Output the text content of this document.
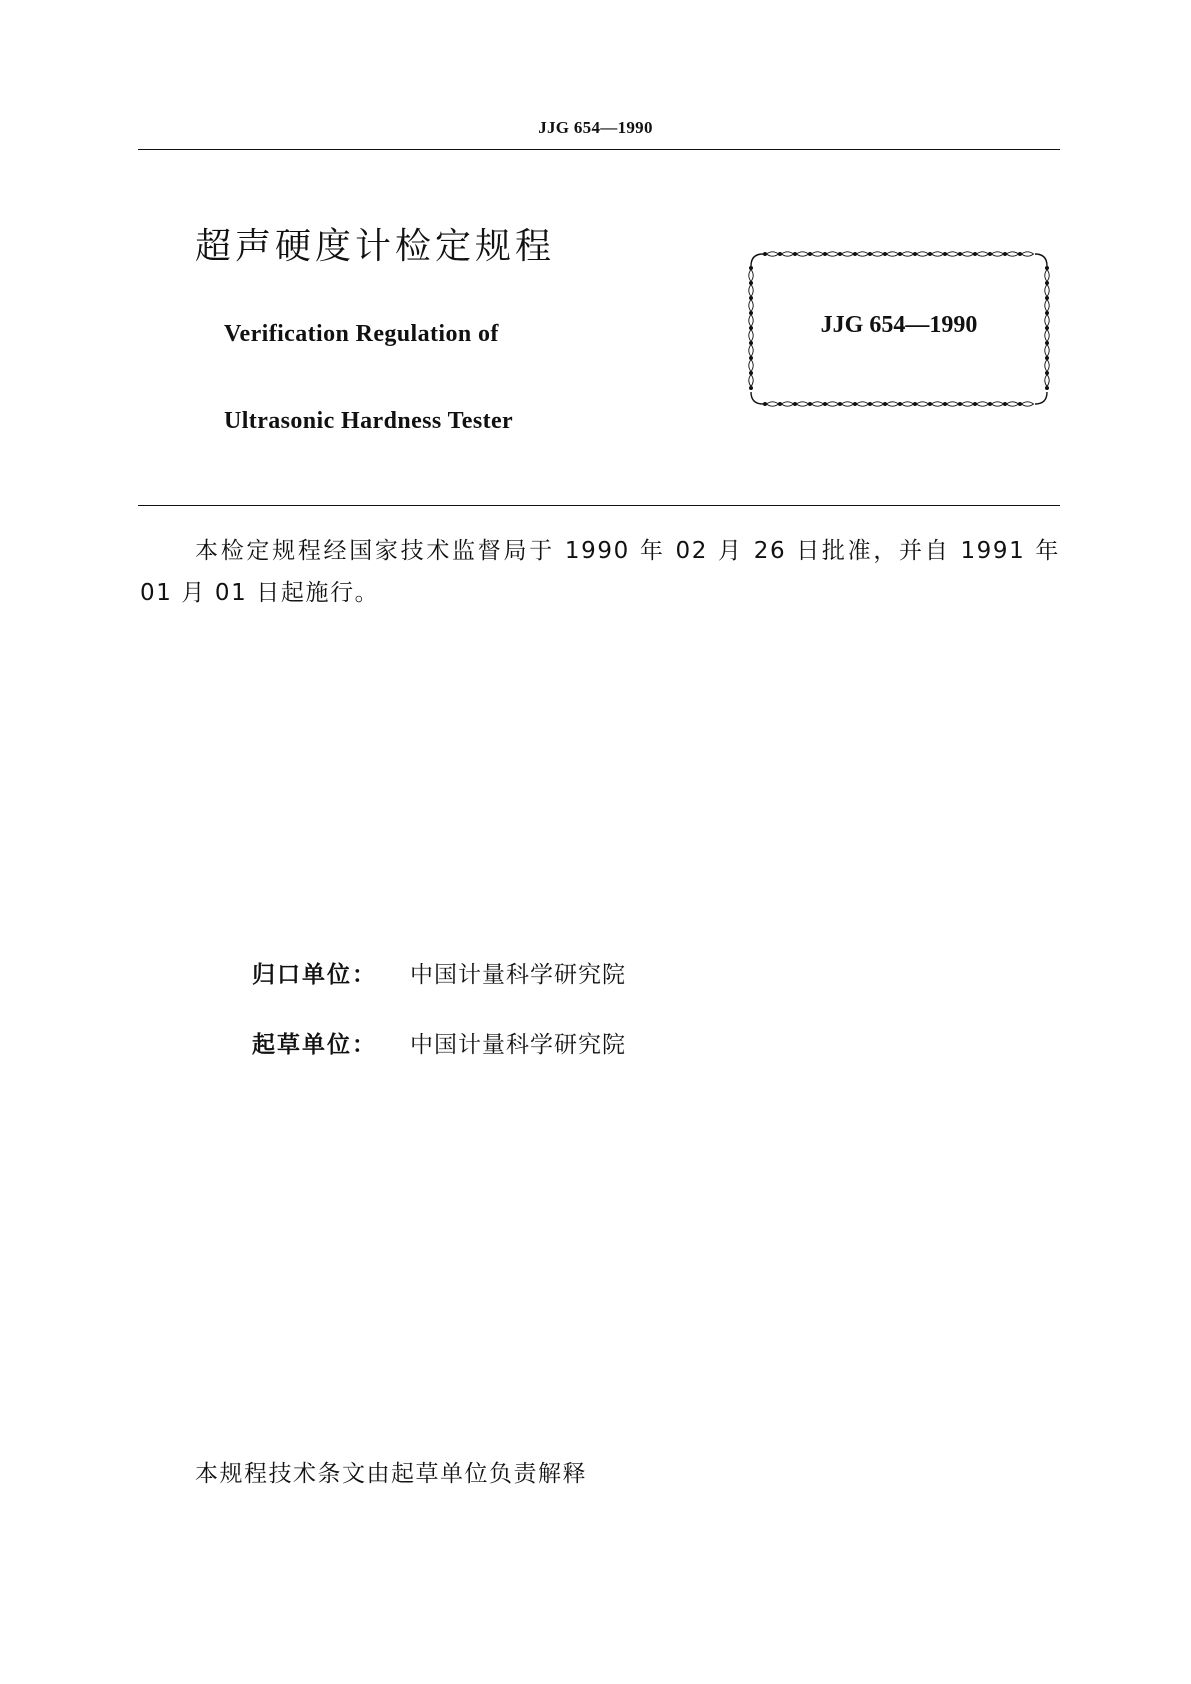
JJG 654—1990
超声硬度计检定规程
Verification Regulation of
Ultrasonic Hardness Tester
JJG 654—1990
本检定规程经国家技术监督局于 1990 年 02 月 26 日批准，并自 1991 年 01 月 01 日起施行。
归口单位： 中国计量科学研究院
起草单位： 中国计量科学研究院
本规程技术条文由起草单位负责解释
